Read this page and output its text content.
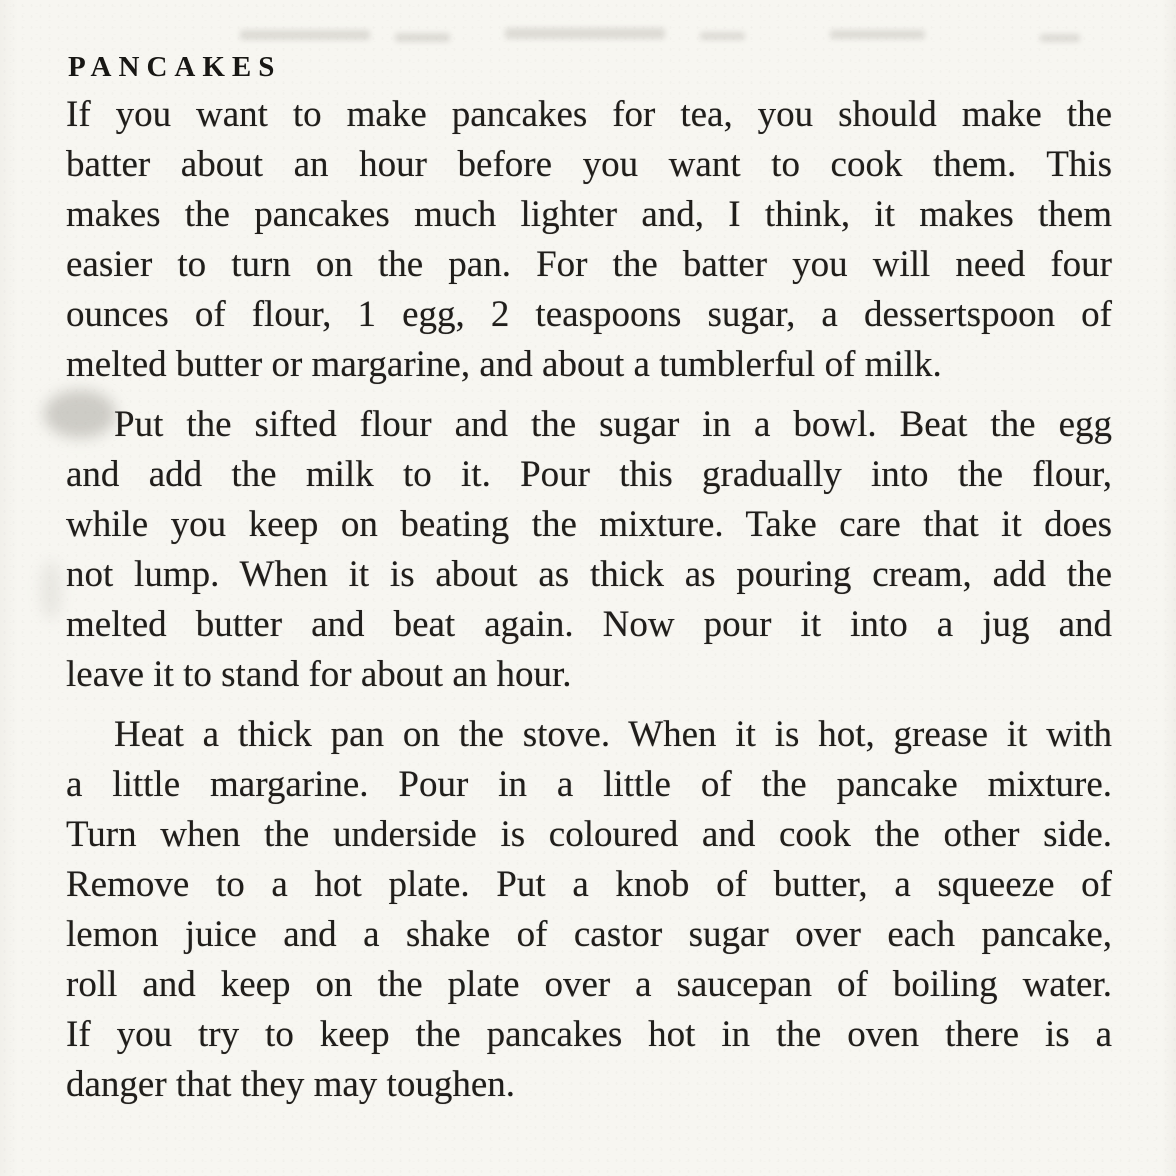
PANCAKES
If you want to make pancakes for tea, you should make the
batter about an hour before you want to cook them. This
makes the pancakes much lighter and, I think, it makes them
easier to turn on the pan. For the batter you will need four
ounces of flour, 1 egg, 2 teaspoons sugar, a dessertspoon of
melted butter or margarine, and about a tumblerful of milk.
Put the sifted flour and the sugar in a bowl. Beat the egg
and add the milk to it. Pour this gradually into the flour,
while you keep on beating the mixture. Take care that it does
not lump. When it is about as thick as pouring cream, add the
melted butter and beat again. Now pour it into a jug and
leave it to stand for about an hour.
Heat a thick pan on the stove. When it is hot, grease it with
a little margarine. Pour in a little of the pancake mixture.
Turn when the underside is coloured and cook the other side.
Remove to a hot plate. Put a knob of butter, a squeeze of
lemon juice and a shake of castor sugar over each pancake,
roll and keep on the plate over a saucepan of boiling water.
If you try to keep the pancakes hot in the oven there is a
danger that they may toughen.
